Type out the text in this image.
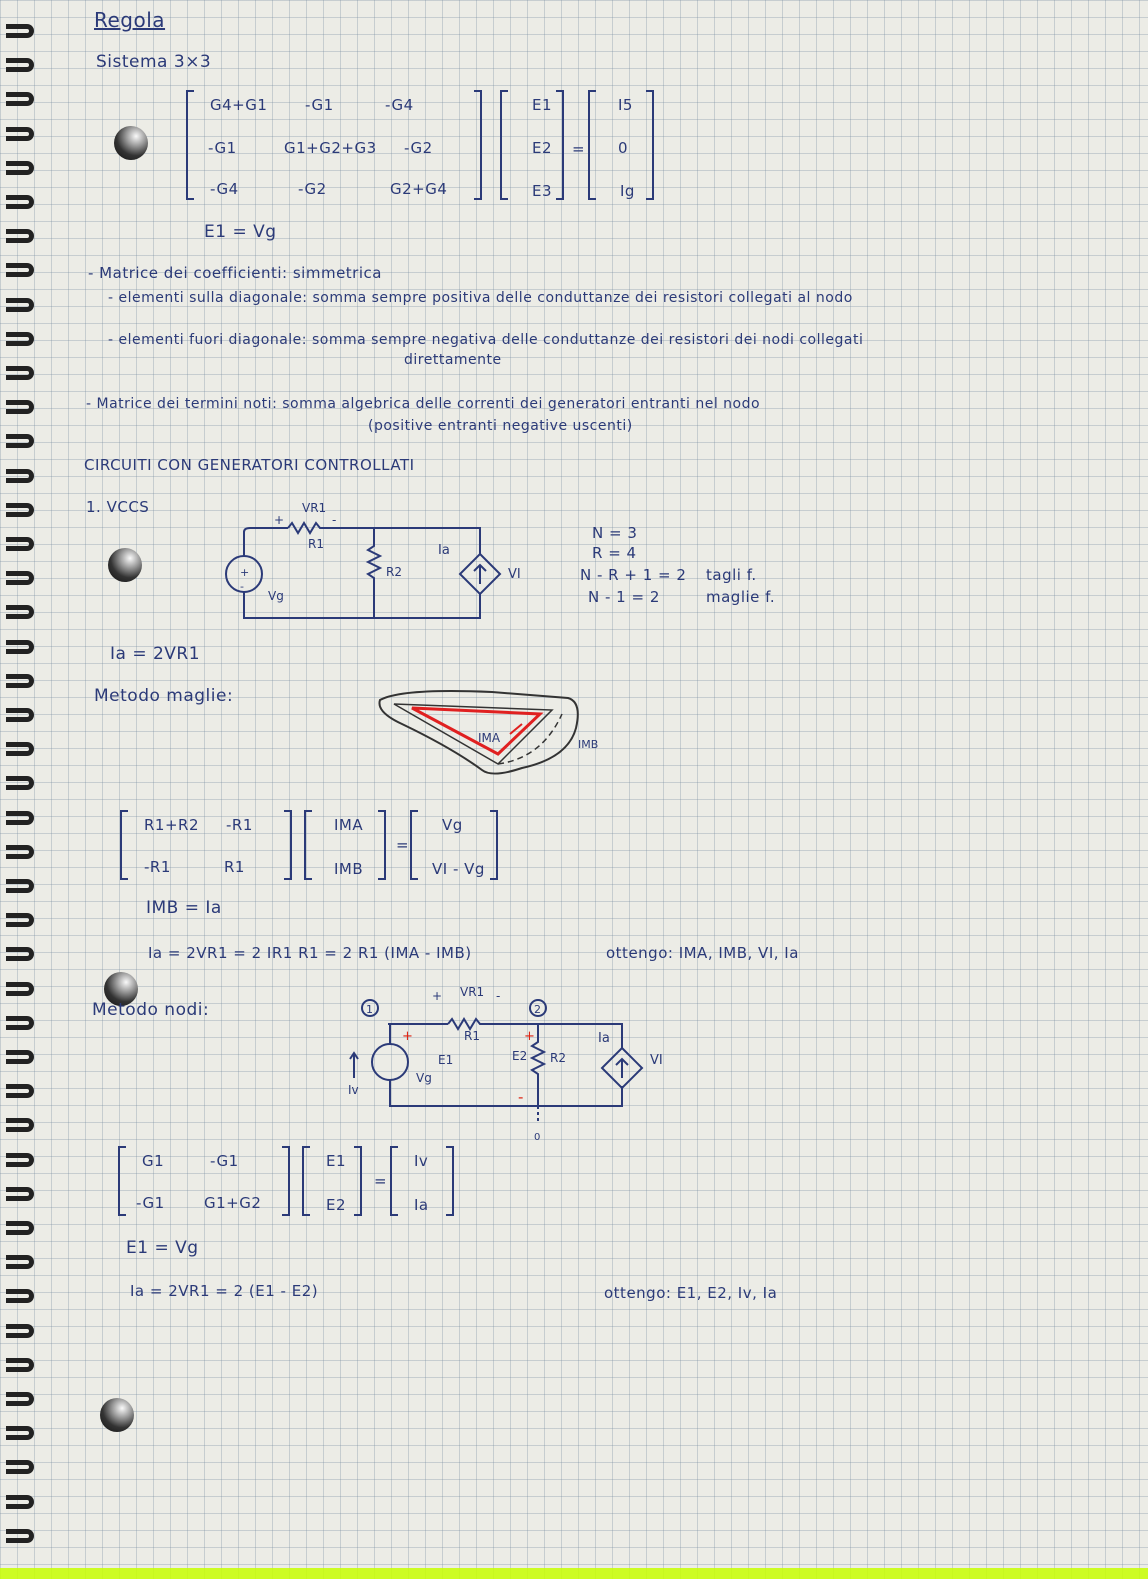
Regola
Sistema 3×3
G4+G1	-G1	-G4
-G1	G1+G2+G3 -G2
-G4	-G2	G2+G4
E1
E2
E3
=
I5
0
Ig
E1 = Vg
- Matrice dei coefficienti: simmetrica
- elementi sulla diagonale: somma sempre positiva delle conduttanze dei resistori collegati al nodo
- elementi fuori diagonale: somma sempre negativa delle conduttanze dei resistori dei nodi collegati
direttamente
- Matrice dei termini noti: somma algebrica delle correnti dei generatori entranti nel nodo
(positive entranti negative uscenti)
CIRCUITI CON GENERATORI CONTROLLATI
1. VCCS	VR1
+	-
R1
R2
Ia
VI
Vg
+
-
N = 3
R = 4
N - R + 1 = 2
N - 1 = 2
tagli f.
maglie f.
Ia = 2VR1
Metodo maglie:
IMA	IMB
R1+R2 -R1
-R1	R1
IMA
IMB
=
Vg
VI - Vg
IMB = Ia
Ia = 2VR1 = 2 IR1 R1 = 2 R1 (IMA - IMB)	ottengo: IMA, IMB, VI, Ia
Metodo nodi:	1	2
VR1
+	-
R1
R2
E1	E2
Ia
VI
Vg
Iv
0
+	+
-
G1	-G1
-G1	G1+G2
E1
E2
=
Iv
Ia
E1 = Vg
Ia = 2VR1 = 2 (E1 - E2)	ottengo: E1, E2, Iv, Ia
